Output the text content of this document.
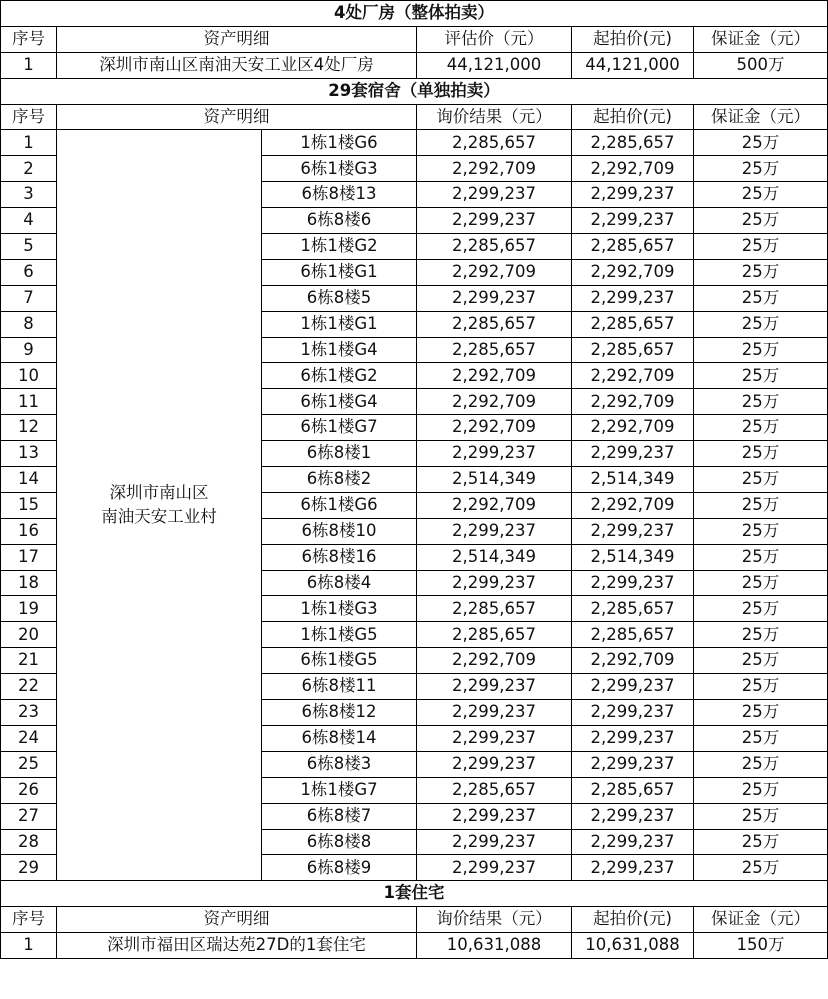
4处厂房（整体拍卖）					
序号	资产明细		评估价（元）	起拍价(元)	保证金（元）
1	深圳市南山区南油天安工业区4处厂房		44,121,000	44,121,000	500万
29套宿舍（单独拍卖）					
序号	资产明细		询价结果（元）	起拍价(元)	保证金（元）
1	深圳市南山区
南油天安工业村	1栋1楼G6	2,285,657	2,285,657	25万
2		6栋1楼G3	2,292,709	2,292,709	25万
3		6栋8楼13	2,299,237	2,299,237	25万
4		6栋8楼6	2,299,237	2,299,237	25万
5		1栋1楼G2	2,285,657	2,285,657	25万
6		6栋1楼G1	2,292,709	2,292,709	25万
7		6栋8楼5	2,299,237	2,299,237	25万
8		1栋1楼G1	2,285,657	2,285,657	25万
9		1栋1楼G4	2,285,657	2,285,657	25万
10		6栋1楼G2	2,292,709	2,292,709	25万
11		6栋1楼G4	2,292,709	2,292,709	25万
12		6栋1楼G7	2,292,709	2,292,709	25万
13		6栋8楼1	2,299,237	2,299,237	25万
14		6栋8楼2	2,514,349	2,514,349	25万
15		6栋1楼G6	2,292,709	2,292,709	25万
16		6栋8楼10	2,299,237	2,299,237	25万
17		6栋8楼16	2,514,349	2,514,349	25万
18		6栋8楼4	2,299,237	2,299,237	25万
19		1栋1楼G3	2,285,657	2,285,657	25万
20		1栋1楼G5	2,285,657	2,285,657	25万
21		6栋1楼G5	2,292,709	2,292,709	25万
22		6栋8楼11	2,299,237	2,299,237	25万
23		6栋8楼12	2,299,237	2,299,237	25万
24		6栋8楼14	2,299,237	2,299,237	25万
25		6栋8楼3	2,299,237	2,299,237	25万
26		1栋1楼G7	2,285,657	2,285,657	25万
27		6栋8楼7	2,299,237	2,299,237	25万
28		6栋8楼8	2,299,237	2,299,237	25万
29		6栋8楼9	2,299,237	2,299,237	25万
1套住宅					
序号	资产明细		询价结果（元）	起拍价(元)	保证金（元）
1	深圳市福田区瑞达苑27D的1套住宅		10,631,088	10,631,088	150万
